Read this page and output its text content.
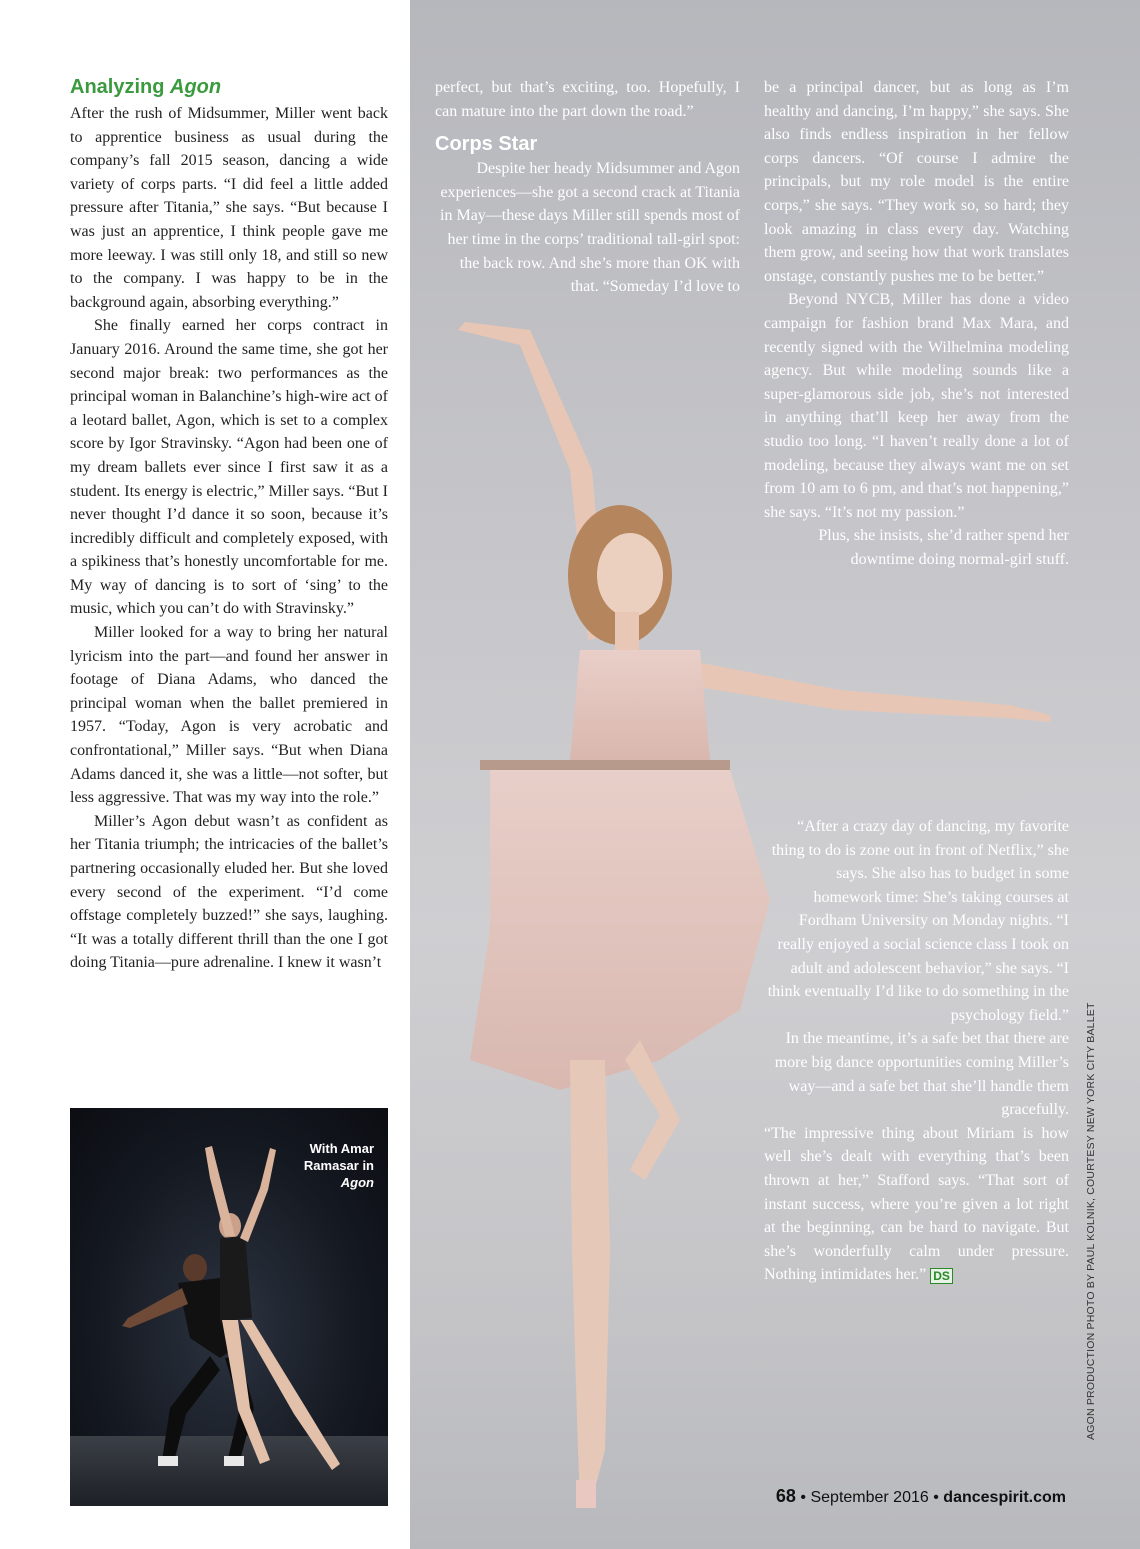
Analyzing Agon

After the rush of Midsummer, Miller went back to apprentice business as usual during the company’s fall 2015 season, dancing a wide variety of corps parts. “I did feel a little added pressure after Titania,” she says. “But because I was just an apprentice, I think people gave me more leeway. I was still only 18, and still so new to the company. I was happy to be in the background again, absorbing everything.”

She finally earned her corps contract in January 2016. Around the same time, she got her second major break: two performances as the principal woman in Balanchine’s high-wire act of a leotard ballet, Agon, which is set to a complex score by Igor Stravinsky. “Agon had been one of my dream ballets ever since I first saw it as a student. Its energy is electric,” Miller says. “But I never thought I’d dance it so soon, because it’s incredibly difficult and completely exposed, with a spikiness that’s honestly uncomfortable for me. My way of dancing is to sort of ‘sing’ to the music, which you can’t do with Stravinsky.”

Miller looked for a way to bring her natural lyricism into the part—and found her answer in footage of Diana Adams, who danced the principal woman when the ballet premiered in 1957. “Today, Agon is very acrobatic and confrontational,” Miller says. “But when Diana Adams danced it, she was a little—not softer, but less aggressive. That was my way into the role.”

Miller’s Agon debut wasn’t as confident as her Titania triumph; the intricacies of the ballet’s partnering occasionally eluded her. But she loved every second of the experiment. “I’d come offstage completely buzzed!” she says, laughing. “It was a totally different thrill than the one I got doing Titania—pure adrenaline. I knew it wasn’t

With Amar
Ramasar in
Agon

perfect, but that’s exciting, too. Hopefully, I can mature into the part down the road.”

Corps Star

Despite her heady Midsummer and Agon experiences—she got a second crack at Titania in May—these days Miller still spends most of her time in the corps’ traditional tall-girl spot: the back row. And she’s more than OK with that. “Someday I’d love to

be a principal dancer, but as long as I’m healthy and dancing, I’m happy,” she says. She also finds endless inspiration in her fellow corps dancers. “Of course I admire the principals, but my role model is the entire corps,” she says. “They work so, so hard; they look amazing in class every day. Watching them grow, and seeing how that work translates onstage, constantly pushes me to be better.”

Beyond NYCB, Miller has done a video campaign for fashion brand Max Mara, and recently signed with the Wilhelmina modeling agency. But while modeling sounds like a super-glamorous side job, she’s not interested in anything that’ll keep her away from the studio too long. “I haven’t really done a lot of modeling, because they always want me on set from 10 am to 6 pm, and that’s not happening,” she says. “It’s not my passion.”

Plus, she insists, she’d rather spend her downtime doing normal-girl stuff.

“After a crazy day of dancing, my favorite thing to do is zone out in front of Netflix,” she says. She also has to budget in some homework time: She’s taking courses at Fordham University on Monday nights. “I really enjoyed a social science class I took on adult and adolescent behavior,” she says. “I think eventually I’d like to do something in the psychology field.”

In the meantime, it’s a safe bet that there are more big dance opportunities coming Miller’s way—and a safe bet that she’ll handle them gracefully.

“The impressive thing about Miriam is how well she’s dealt with everything that’s been thrown at her,” Stafford says. “That sort of instant success, where you’re given a lot right at the beginning, can be hard to navigate. But she’s wonderfully calm under pressure. Nothing intimidates her.” DS	AGON PRODUCTION PHOTO BY PAUL KOLNIK, COURTESY NEW YORK CITY BALLET
68 • September 2016 • dancespirit.com
